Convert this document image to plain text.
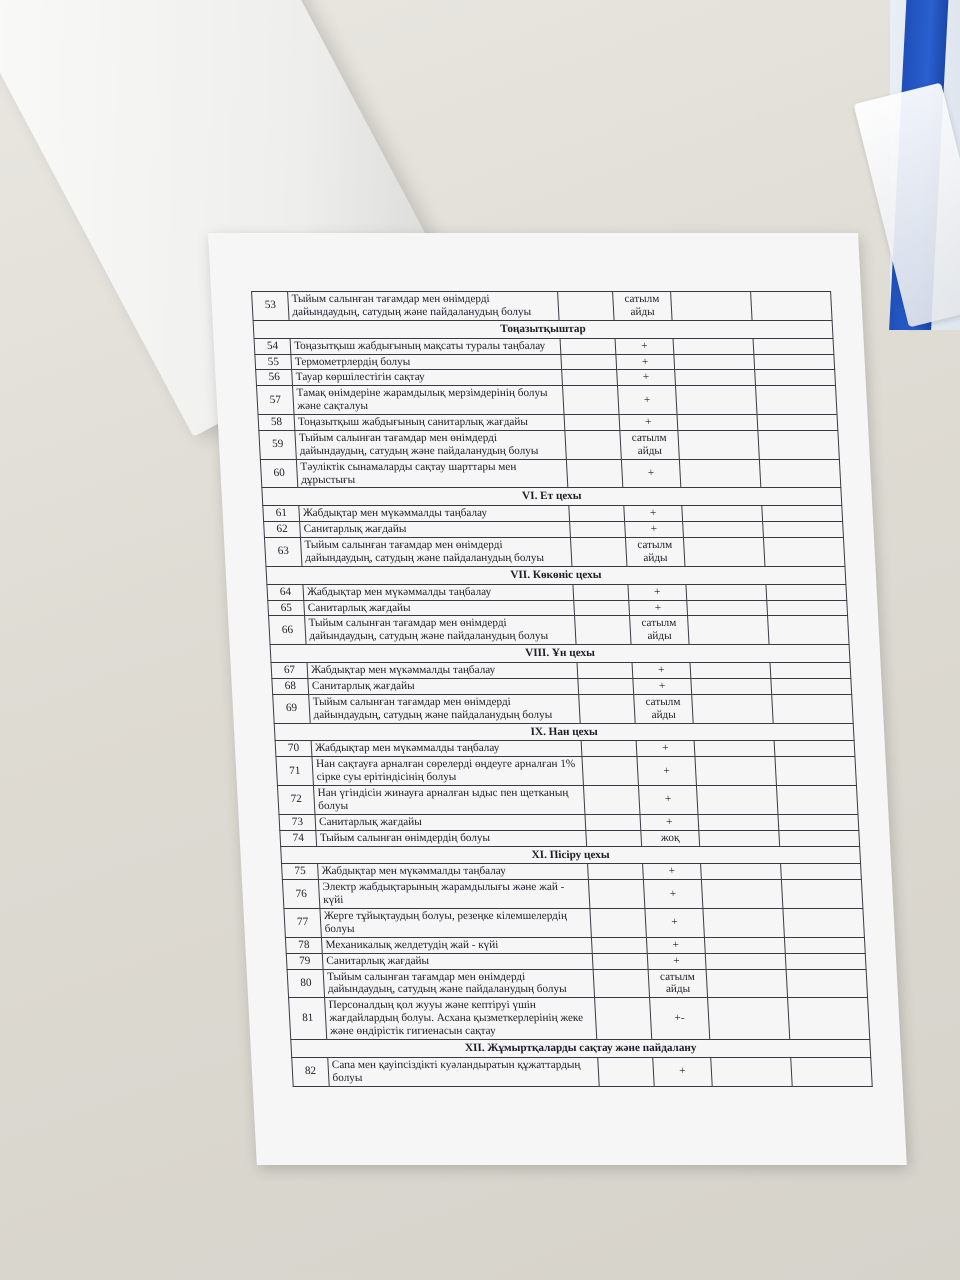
53	Тыйым салынған тағамдар мен өнімдерді дайындаудың, сатудың және пайдаланудың болуы		сатылм айды		
Тоңазытқыштар					
54	Тоңазытқыш жабдығының мақсаты туралы таңбалау		+		
55	Термометрлердің болуы		+		
56	Тауар көршілестігін сақтау		+		
57	Тамақ өнімдеріне жарамдылық мерзімдерінің болуы және сақталуы		+		
58	Тоңазытқыш жабдығының санитарлық жағдайы		+		
59	Тыйым салынған тағамдар мен өнімдерді дайындаудың, сатудың және пайдаланудың болуы		сатылм айды		
60	Тәуліктік сынамаларды сақтау шарттары мен дұрыстығы		+		
VI. Ет цехы					
61	Жабдықтар мен мүкәммалды таңбалау		+		
62	Санитарлық жағдайы		+		
63	Тыйым салынған тағамдар мен өнімдерді дайындаудың, сатудың және пайдаланудың болуы		сатылм айды		
VII. Көкөніс цехы					
64	Жабдықтар мен мүкәммалды таңбалау		+		
65	Санитарлық жағдайы		+		
66	Тыйым салынған тағамдар мен өнімдерді дайындаудың, сатудың және пайдаланудың болуы		сатылм айды		
VIII. Ұн цехы					
67	Жабдықтар мен мүкәммалды таңбалау		+		
68	Санитарлық жағдайы		+		
69	Тыйым салынған тағамдар мен өнімдерді дайындаудың, сатудың және пайдаланудың болуы		сатылм айды		
IX. Нан цехы					
70	Жабдықтар мен мүкәммалды таңбалау		+		
71	Нан сақтауға арналған сөрелерді өңдеуге арналған 1% сірке суы ерітіндісінің болуы		+		
72	Нан үгіндісін жинауға арналған ыдыс пен щетканың болуы		+		
73	Санитарлық жағдайы		+		
74	Тыйым салынған өнімдердің болуы		жоқ		
XI. Пісіру цехы					
75	Жабдықтар мен мүкәммалды таңбалау		+		
76	Электр жабдықтарының жарамдылығы және жай - күйі		+		
77	Жерге тұйықтаудың болуы, резеңке кілемшелердің болуы		+		
78	Механикалық желдетудің жай - күйі		+		
79	Санитарлық жағдайы		+		
80	Тыйым салынған тағамдар мен өнімдерді дайындаудың, сатудың және пайдаланудың болуы		сатылм айды		
81	Персоналдың қол жууы және кептіруі үшін жағдайлардың болуы. Асхана қызметкерлерінің жеке және өндірістік гигиенасын сақтау		+-		
XII. Жұмыртқаларды сақтау және пайдалану					
82	Сапа мен қауіпсіздікті куәландыратын құжаттардың болуы		+		
